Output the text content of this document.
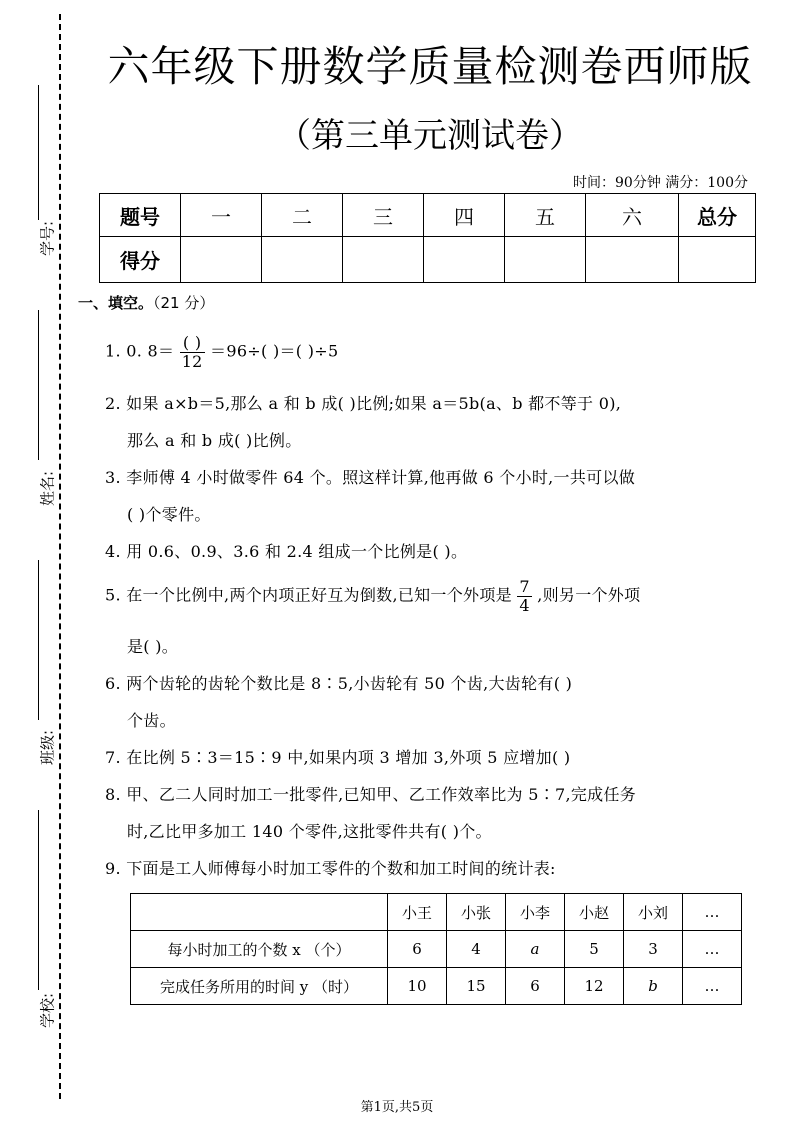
学号:
姓名:
班级:
学校:
六年级下册数学质量检测卷西师版
（第三单元测试卷）
时间：90分钟 满分：100分
题号	一	二	三	四	五	六	总分
得分							
一、填空。（21 分）
1. 0. $8= \frac{( )}{12} =96\div$( )＝( )÷5
2. 如果 a×b＝5,那么 a 和 b 成( )比例;如果 a＝5b(a、b 都不等于 0),
那么 a 和 b 成( )比例。
3. 李师傅 4 小时做零件 64 个。照这样计算,他再做 6 个小时,一共可以做
( )个零件。
4. 用 0.6、0.9、3.6 和 2.4 组成一个比例是( )。
5. 在一个比例中,两个内项正好互为倒数,已知一个外项是 $\frac{7}{4}$ ,则另一个外项
是( )。
6. 两个齿轮的齿轮个数比是 8∶5,小齿轮有 50 个齿,大齿轮有( )
个齿。
7. 在比例 5∶3＝15∶9 中,如果内项 3 增加 3,外项 5 应增加( )
8. 甲、乙二人同时加工一批零件,已知甲、乙工作效率比为 5∶7,完成任务
时,乙比甲多加工 140 个零件,这批零件共有( )个。
9. 下面是工人师傅每小时加工零件的个数和加工时间的统计表:
	小王	小张	小李	小赵	小刘	…
每小时加工的个数 x （个）	6	4	a	5	3	…
完成任务所用的时间 y （时）	10	15	6	12	b	…
第1页,共5页
